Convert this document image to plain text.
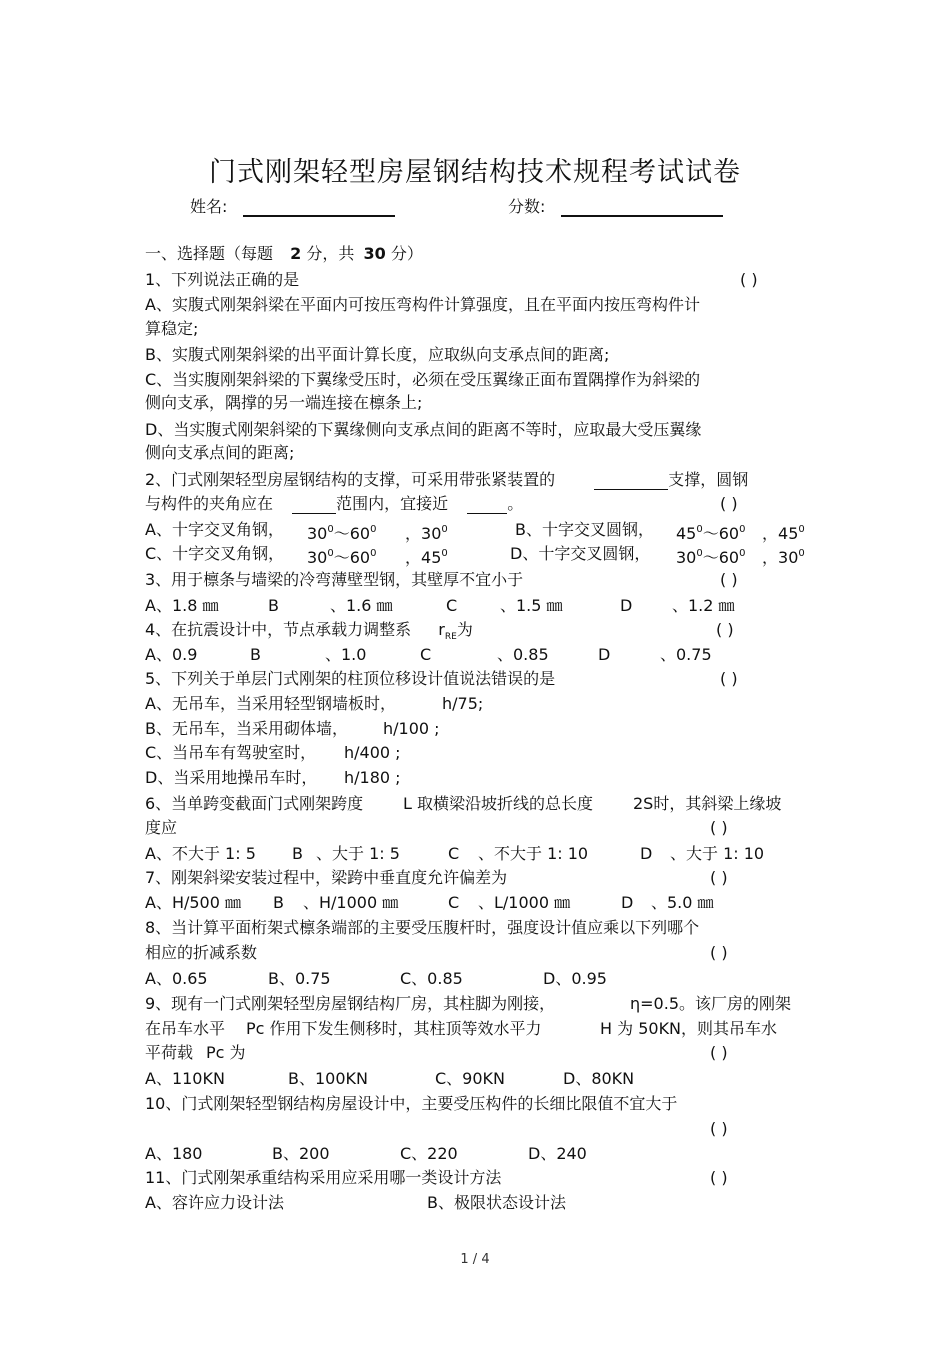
门式刚架轻型房屋钢结构技术规程考试试卷
姓名:	分数:
一、选择题（每题 2 分，共 30 分）
1、下列说法正确的是	( )
A、实腹式刚架斜梁在平面内可按压弯构件计算强度，且在平面内按压弯构件计
算稳定;
B、实腹式刚架斜梁的出平面计算长度，应取纵向支承点间的距离;
C、当实腹刚架斜梁的下翼缘受压时，必须在受压翼缘正面布置隅撑作为斜梁的
侧向支承，隅撑的另一端连接在檩条上;
D、当实腹式刚架斜梁的下翼缘侧向支承点间的距离不等时，应取最大受压翼缘
侧向支承点间的距离;
2、门式刚架轻型房屋钢结构的支撑，可采用带张紧装置的	支撑，圆钢
与构件的夹角应在	范围内，宜接近	。	( )
A、十字交叉角钢， $30^0\sim 60^0$ ，$30^0$	B、十字交叉圆钢， $45^0\sim 60^0$ ，$45^0$
C、十字交叉角钢， $30^0\sim 60^0$ ，$45^0$	D、十字交叉圆钢， $30^0\sim 60^0$ ，$30^0$
3、用于檩条与墙梁的冷弯薄壁型钢，其壁厚不宜小于	( )
A、1.8 ㎜	B	、1.6 ㎜	C	、1.5 ㎜	D 、1.2 ㎜
4、在抗震设计中，节点承载力调整系 $r_{RE}$为	( )
A、0.9	B	、1.0	C	、0.85	D	、0.75
5、下列关于单层门式刚架的柱顶位移设计值说法错误的是	( )
A、无吊车，当采用轻型钢墙板时，	h/75;
B、无吊车，当采用砌体墙， h/100 ;
C、当吊车有驾驶室时， h/400 ;
D、当采用地操吊车时， h/180 ;
6、当单跨变截面门式刚架跨度 L 取横梁沿坡折线的总长度 2S时，其斜梁上缘坡
度应	( )
A、不大于 1: 5 B 、大于 1: 5	C 、不大于 1: 10	D 、大于 1: 10
7、刚架斜梁安装过程中，梁跨中垂直度允许偏差为	( )
A、H/500 ㎜ B 、H/1000 ㎜	C 、L/1000 ㎜	D 、5.0 ㎜
8、当计算平面桁架式檩条端部的主要受压腹杆时，强度设计值应乘以下列哪个
相应的折减系数	( )
A、0.65	B、0.75	C、0.85	D、0.95
9、现有一门式刚架轻型房屋钢结构厂房，其柱脚为刚接，	η=0.5。该厂房的刚架
在吊车水平 Pc 作用下发生侧移时，其柱顶等效水平力	H 为 50KN，则其吊车水
平荷载 Pc 为	( )
A、110KN	B、100KN	C、90KN	D、80KN
10、门式刚架轻型钢结构房屋设计中，主要受压构件的长细比限值不宜大于
( )
A、180	B、200	C、220	D、240
11、门式刚架承重结构采用应采用哪一类设计方法	( )
A、容许应力设计法	B、极限状态设计法
1 / 4
